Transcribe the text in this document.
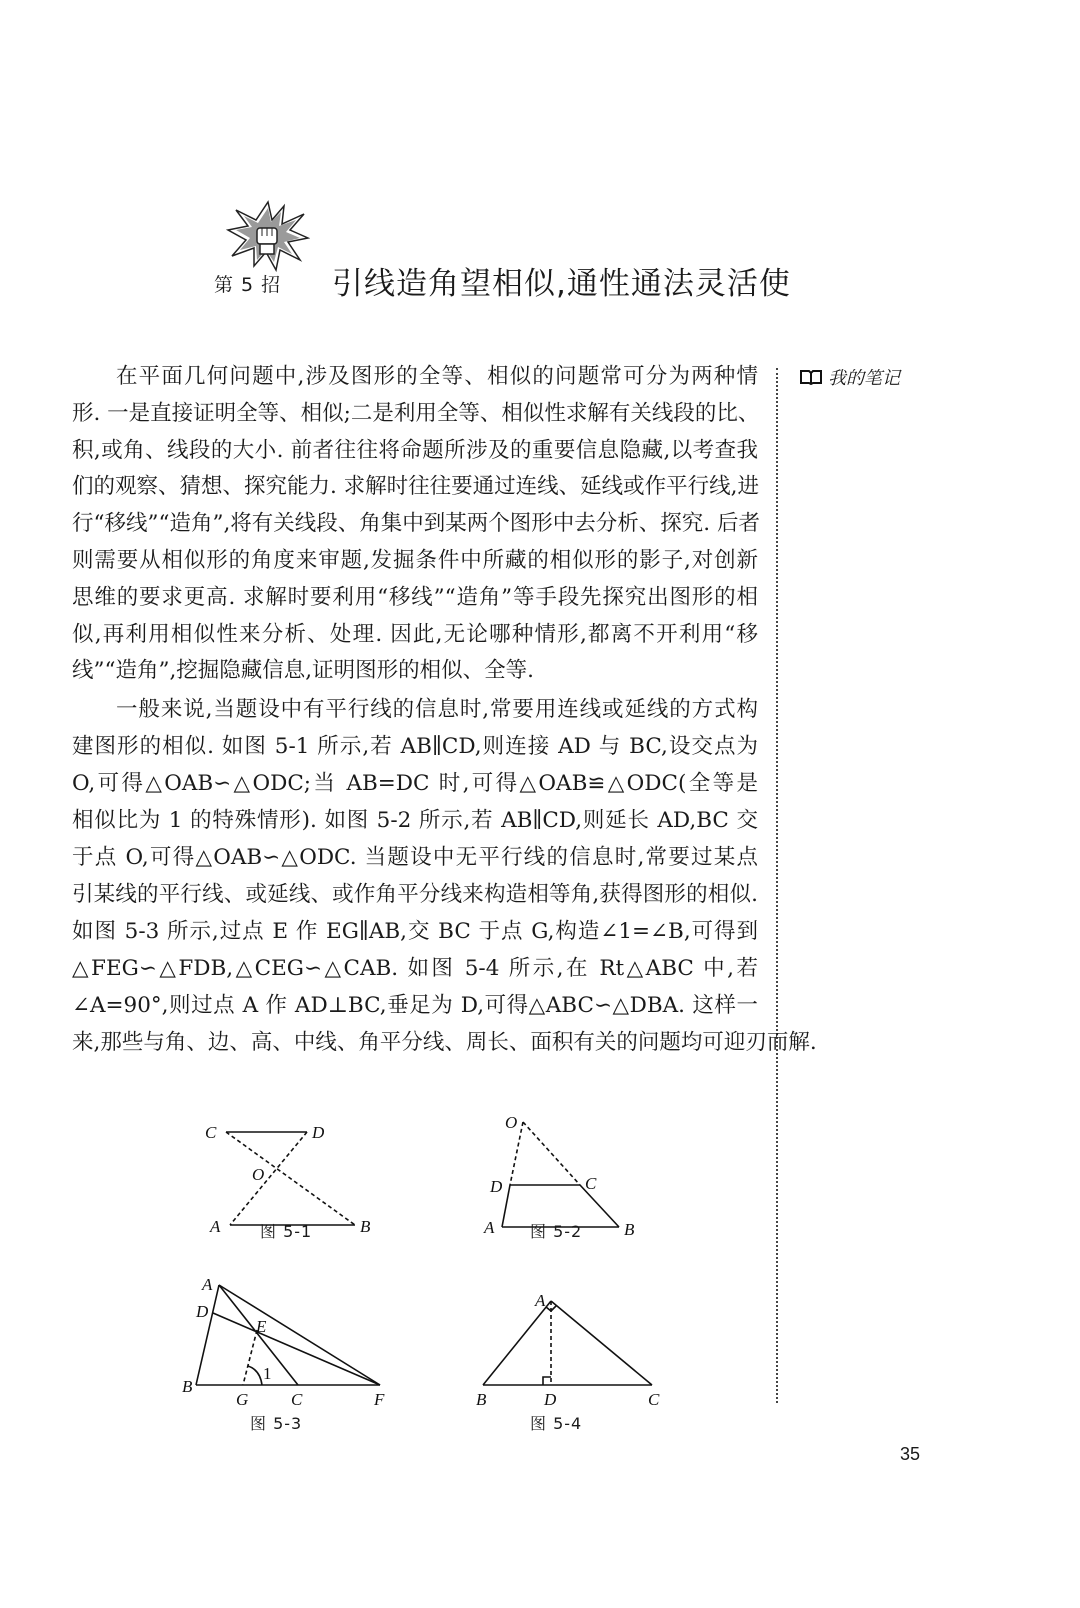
第 5 招 引线造角望相似,通性通法灵活使
我的笔记
在平面几何问题中,涉及图形的全等、相似的问题常可分为两种情
形. 一是直接证明全等、相似;二是利用全等、相似性求解有关线段的比、
积,或角、线段的大小. 前者往往将命题所涉及的重要信息隐藏,以考查我
们的观察、猜想、探究能力. 求解时往往要通过连线、延线或作平行线,进
行“移线”“造角”,将有关线段、角集中到某两个图形中去分析、探究. 后者
则需要从相似形的角度来审题,发掘条件中所藏的相似形的影子,对创新
思维的要求更高. 求解时要利用“移线”“造角”等手段先探究出图形的相
似,再利用相似性来分析、处理. 因此,无论哪种情形,都离不开利用“移
线”“造角”,挖掘隐藏信息,证明图形的相似、全等.
一般来说,当题设中有平行线的信息时,常要用连线或延线的方式构
建图形的相似. 如图 5-1 所示,若 AB∥CD,则连接 AD 与 BC,设交点为
O,可得△OAB∽△ODC;当 AB=DC 时,可得△OAB≌△ODC(全等是
相似比为 1 的特殊情形). 如图 5-2 所示,若 AB∥CD,则延长 AD,BC 交
于点 O,可得△OAB∽△ODC. 当题设中无平行线的信息时,常要过某点
引某线的平行线、或延线、或作角平分线来构造相等角,获得图形的相似.
如图 5-3 所示,过点 E 作 EG∥AB,交 BC 于点 G,构造∠1=∠B,可得到
△FEG∽△FDB,△CEG∽△CAB. 如图 5-4 所示,在 Rt△ABC 中,若
∠A=90°,则过点 A 作 AD⊥BC,垂足为 D,可得△ABC∽△DBA. 这样一
来,那些与角、边、高、中线、角平分线、周长、面积有关的问题均可迎刃而解.
C	D
O
A	B
O
D	C
A	B
A
D
E
B
G	C	F
1
A
B	D	C
图 5-1	图 5-2
图 5-3	图 5-4
35
